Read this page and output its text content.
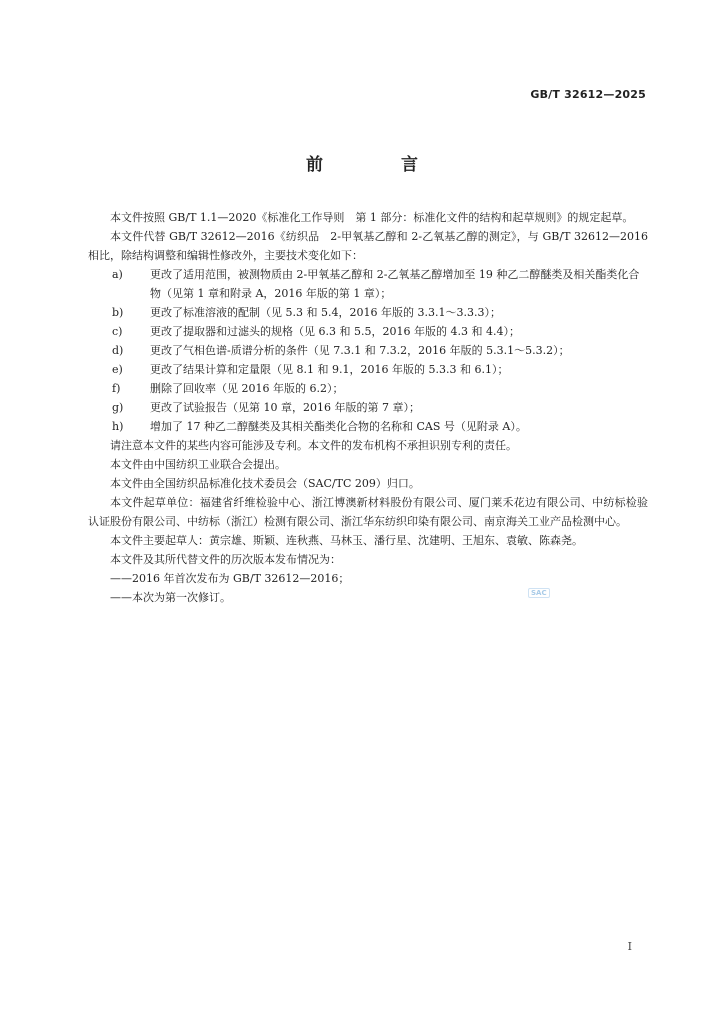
GB/T 32612—2025
前 言

本文件按照 GB/T 1.1—2020《标准化工作导则　第 1 部分：标准化文件的结构和起草规则》的规定起草。

本文件代替 GB/T 32612—2016《纺织品　2-甲氧基乙醇和 2-乙氧基乙醇的测定》，与 GB/T 32612—2016 相比，除结构调整和编辑性修改外，主要技术变化如下：

a)	更改了适用范围，被测物质由 2-甲氧基乙醇和 2-乙氧基乙醇增加至 19 种乙二醇醚类及相关酯类化合物（见第 1 章和附录 A，2016 年版的第 1 章）；
b)	更改了标准溶液的配制（见 5.3 和 5.4，2016 年版的 3.3.1～3.3.3）；
c)	更改了提取器和过滤头的规格（见 6.3 和 5.5，2016 年版的 4.3 和 4.4）；
d)	更改了气相色谱-质谱分析的条件（见 7.3.1 和 7.3.2，2016 年版的 5.3.1～5.3.2）；
e)	更改了结果计算和定量限（见 8.1 和 9.1，2016 年版的 5.3.3 和 6.1）；
f)	删除了回收率（见 2016 年版的 6.2）；
g)	更改了试验报告（见第 10 章，2016 年版的第 7 章）；
h)	增加了 17 种乙二醇醚类及其相关酯类化合物的名称和 CAS 号（见附录 A）。

请注意本文件的某些内容可能涉及专利。本文件的发布机构不承担识别专利的责任。

本文件由中国纺织工业联合会提出。

本文件由全国纺织品标准化技术委员会（SAC/TC 209）归口。

本文件起草单位：福建省纤维检验中心、浙江博澳新材料股份有限公司、厦门莱禾花边有限公司、中纺标检验认证股份有限公司、中纺标（浙江）检测有限公司、浙江华东纺织印染有限公司、南京海关工业产品检测中心。

本文件主要起草人：黄宗雄、斯颖、连秋燕、马林玉、潘行星、沈建明、王旭东、袁敏、陈森尧。

本文件及其所代替文件的历次版本发布情况为：

——2016 年首次发布为 GB/T 32612—2016；

——本次为第一次修订。	SAC
I
